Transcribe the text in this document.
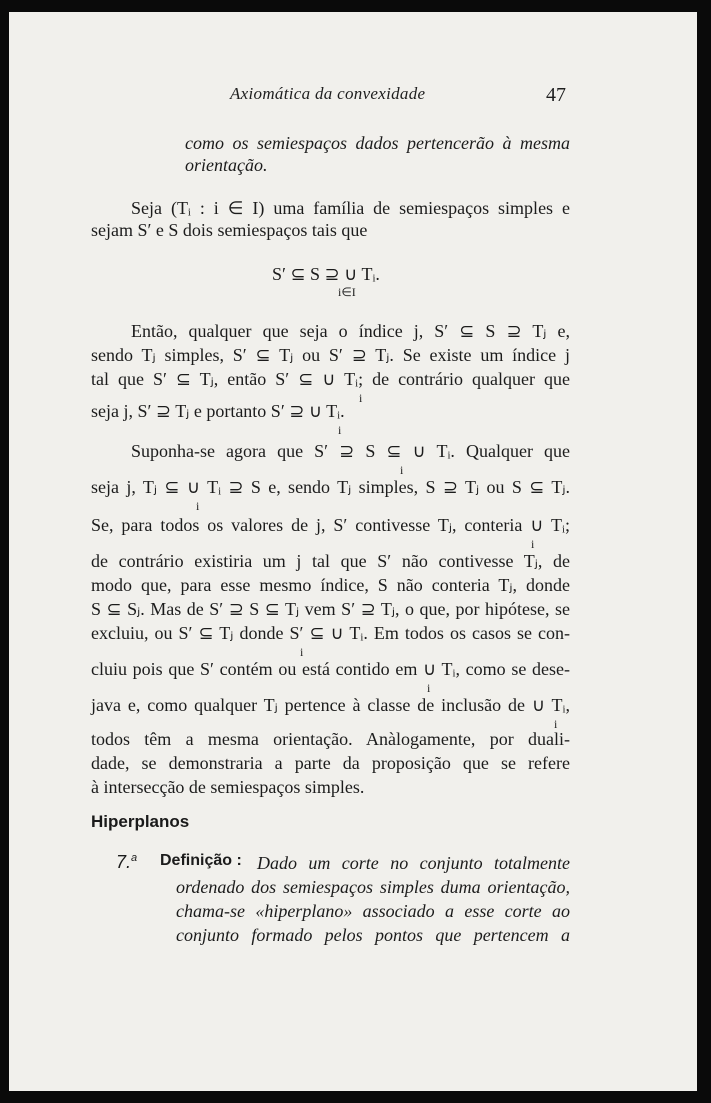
Axiomática da convexidade	47
como os semiespaços dados pertencerão à mesma
orientação.
Seja (Tᵢ : i ∈ I) uma família de semiespaços simples e
sejam S′ e S dois semiespaços tais que
S′ ⊆ S ⊇ ∪ Tᵢ.
i∈I
Então, qualquer que seja o índice j, S′ ⊆ S ⊇ Tⱼ e,
sendo Tⱼ simples, S′ ⊆ Tⱼ ou S′ ⊇ Tⱼ. Se existe um índice j
tal que S′ ⊆ Tⱼ, então S′ ⊆ ∪ Tᵢ; de contrário qualquer que
i
seja j, S′ ⊇ Tⱼ e portanto S′ ⊇ ∪ Tᵢ.
i
Suponha-se agora que S′ ⊇ S ⊆ ∪ Tᵢ. Qualquer que
i
seja j, Tⱼ ⊆ ∪ Tᵢ ⊇ S e, sendo Tⱼ simples, S ⊇ Tⱼ ou S ⊆ Tⱼ.
i
Se, para todos os valores de j, S′ contivesse Tⱼ, conteria ∪ Tᵢ;
i
de contrário existiria um j tal que S′ não contivesse Tⱼ, de
modo que, para esse mesmo índice, S não conteria Tⱼ, donde
S ⊆ Sⱼ. Mas de S′ ⊇ S ⊆ Tⱼ vem S′ ⊇ Tⱼ, o que, por hipótese, se
excluiu, ou S′ ⊆ Tⱼ donde S′ ⊆ ∪ Tᵢ. Em todos os casos se con-
i
cluiu pois que S′ contém ou está contido em ∪ Tᵢ, como se dese-
i
java e, como qualquer Tⱼ pertence à classe de inclusão de ∪ Tᵢ,
i
todos têm a mesma orientação. Anàlogamente, por duali-
dade, se demonstraria a parte da proposição que se refere
à intersecção de semiespaços simples.
Hiperplanos
7.$^a$ Definição : Dado um corte no conjunto totalmente
ordenado dos semiespaços simples duma orientação,
chama-se «hiperplano» associado a esse corte ao
conjunto formado pelos pontos que pertencem a
